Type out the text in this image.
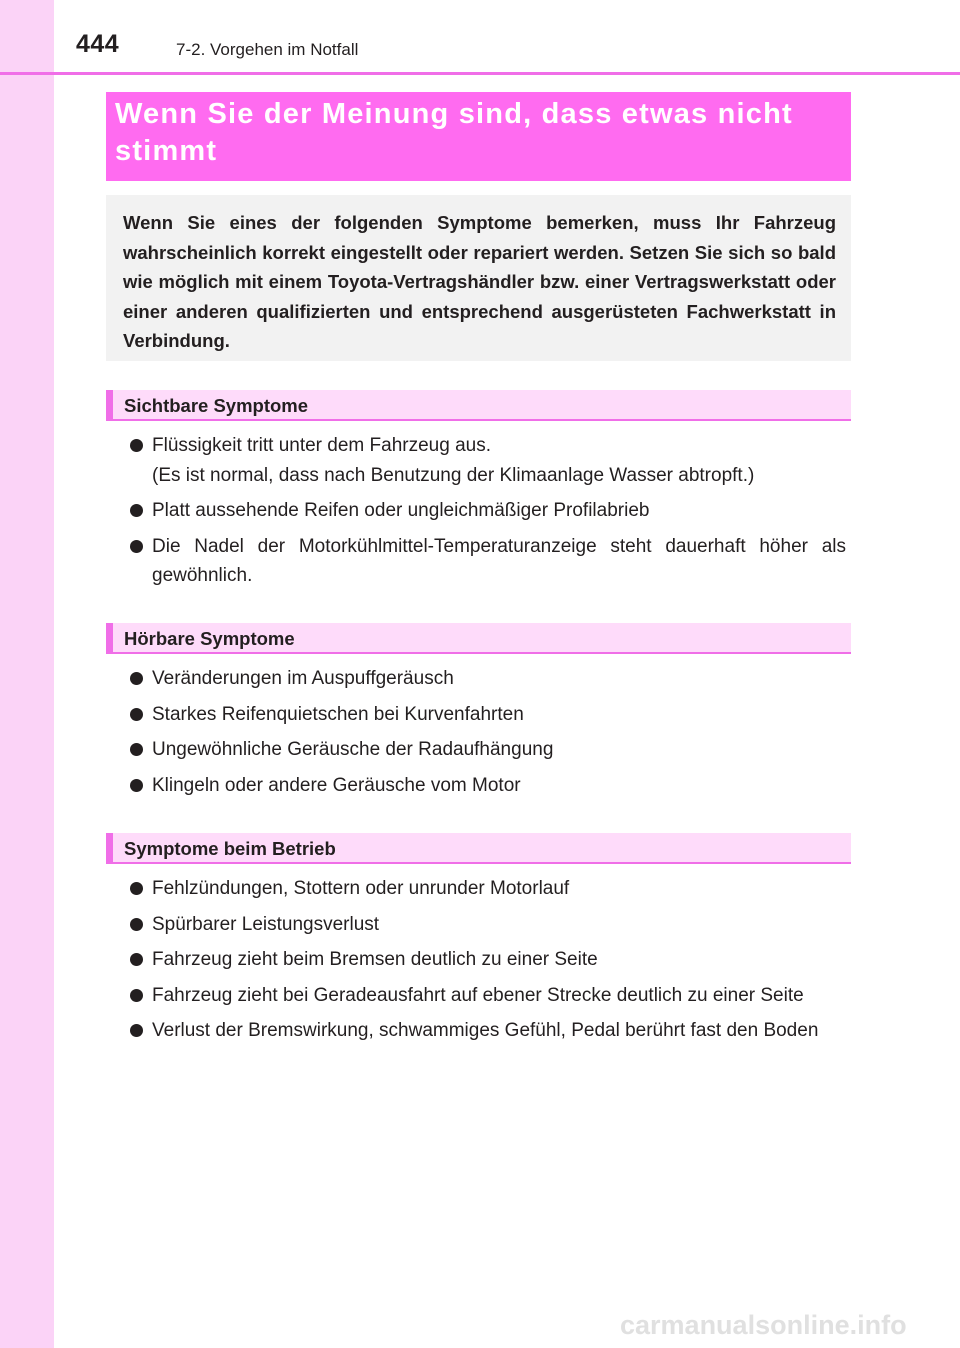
444	7-2. Vorgehen im Notfall
Wenn Sie der Meinung sind, dass etwas nicht stimmt
Wenn Sie eines der folgenden Symptome bemerken, muss Ihr Fahrzeug wahrscheinlich korrekt eingestellt oder repariert werden. Setzen Sie sich so bald wie möglich mit einem Toyota-Vertragshändler bzw. einer Vertragswerkstatt oder einer anderen qualifizierten und entsprechend ausgerüsteten Fachwerkstatt in Verbindung.
Sichtbare Symptome
Flüssigkeit tritt unter dem Fahrzeug aus.
(Es ist normal, dass nach Benutzung der Klimaanlage Wasser abtropft.)
Platt aussehende Reifen oder ungleichmäßiger Profilabrieb
Die Nadel der Motorkühlmittel-Temperaturanzeige steht dauerhaft höher als gewöhnlich.
Hörbare Symptome
Veränderungen im Auspuffgeräusch
Starkes Reifenquietschen bei Kurvenfahrten
Ungewöhnliche Geräusche der Radaufhängung
Klingeln oder andere Geräusche vom Motor
Symptome beim Betrieb
Fehlzündungen, Stottern oder unrunder Motorlauf
Spürbarer Leistungsverlust
Fahrzeug zieht beim Bremsen deutlich zu einer Seite
Fahrzeug zieht bei Geradeausfahrt auf ebener Strecke deutlich zu einer Seite
Verlust der Bremswirkung, schwammiges Gefühl, Pedal berührt fast den Boden
carmanualsonline.info
